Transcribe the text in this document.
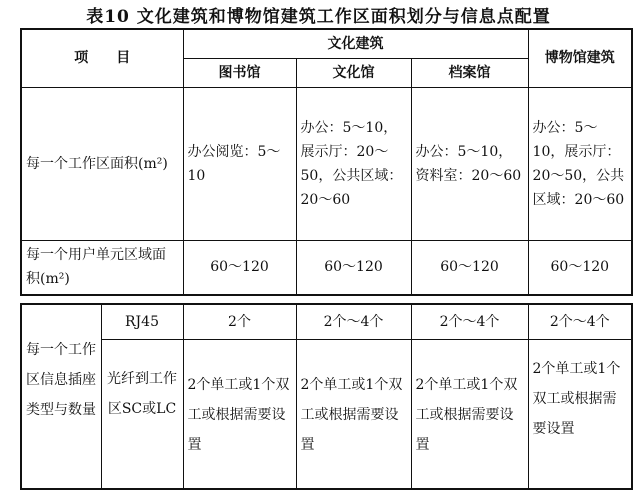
表10 文化建筑和博物馆建筑工作区面积划分与信息点配置
项　　目	文化建筑			博物馆建筑
	图书馆	文化馆	档案馆	
每一个工作区面积(m²)	办公阅览：5～10	办公：5～10，展示厅：20～50，公共区域：20～60	办公：5～10，资料室：20～60	办公：5～10，展示厅：20～50，公共区域：20～60
每一个用户单元区域面积(m²)	60～120	60～120	60～120	60～120
每一个工作区信息插座类型与数量	RJ45	2个	2个～4个	2个～4个	2个～4个
	光纤到工作区SC或LC	2个单工或1个双工或根据需要设置	2个单工或1个双工或根据需要设置	2个单工或1个双工或根据需要设置	2个单工或1个双工或根据需要设置
